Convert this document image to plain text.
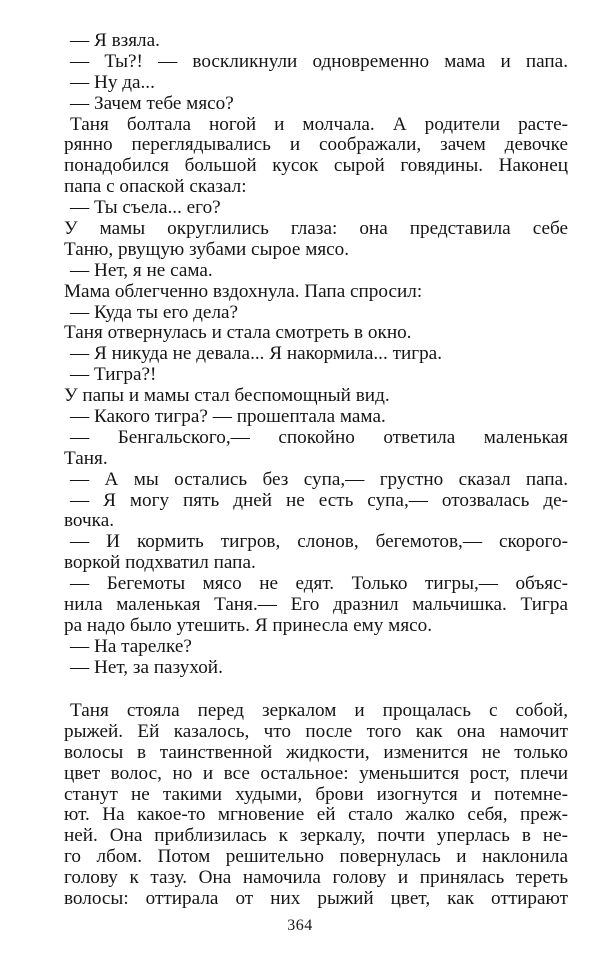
— Я взяла.
— Ты?! — воскликнули одновременно мама и папа.
— Ну да...
— Зачем тебе мясо?
Таня болтала ногой и молчала. А родители расте-
рянно переглядывались и соображали, зачем девочке
понадобился большой кусок сырой говядины. Наконец
папа с опаской сказал:
— Ты съела... его?
У мамы округлились глаза: она представила себе
Таню, рвущую зубами сырое мясо.
— Нет, я не сама.
Мама облегченно вздохнула. Папа спросил:
— Куда ты его дела?
Таня отвернулась и стала смотреть в окно.
— Я никуда не девала... Я накормила... тигра.
— Тигра?!
У папы и мамы стал беспомощный вид.
— Какого тигра? — прошептала мама.
— Бенгальского,— спокойно ответила маленькая
Таня.
— А мы остались без супа,— грустно сказал папа.
— Я могу пять дней не есть супа,— отозвалась де-
вочка.
— И кормить тигров, слонов, бегемотов,— скорого-
воркой подхватил папа.
— Бегемоты мясо не едят. Только тигры,— объяс-
нила маленькая Таня.— Его дразнил мальчишка. Тигра
ра надо было утешить. Я принесла ему мясо.
— На тарелке?
— Нет, за пазухой.
Таня стояла перед зеркалом и прощалась с собой,
рыжей. Ей казалось, что после того как она намочит
волосы в таинственной жидкости, изменится не только
цвет волос, но и все остальное: уменьшится рост, плечи
станут не такими худыми, брови изогнутся и потемне-
ют. На какое-то мгновение ей стало жалко себя, преж-
ней. Она приблизилась к зеркалу, почти уперлась в не-
го лбом. Потом решительно повернулась и наклонила
голову к тазу. Она намочила голову и принялась тереть
волосы: оттирала от них рыжий цвет, как оттирают
364
